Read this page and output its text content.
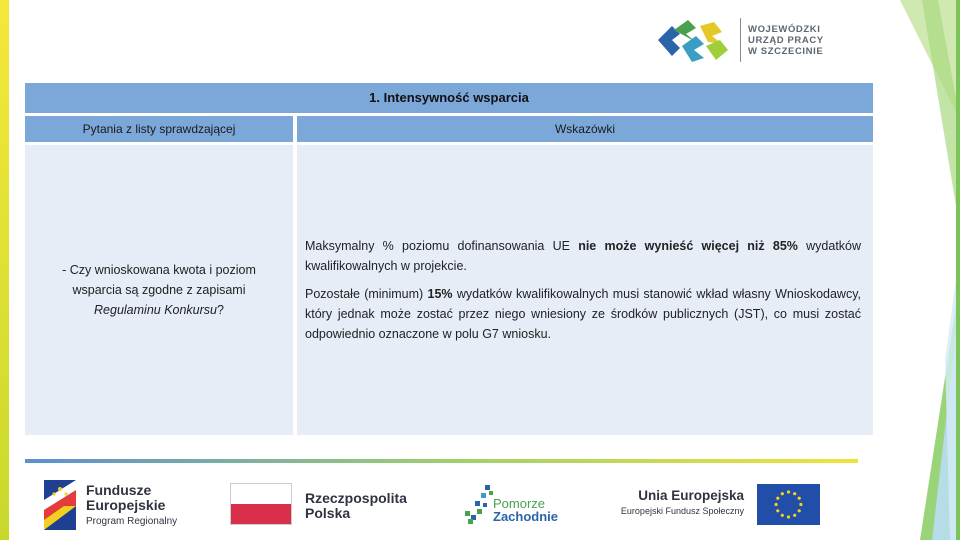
WOJEWÓDZKI
URZĄD PRACY
W SZCZECINIE
1. Intensywność wsparcia
Pytania z listy sprawdzającej	Wskazówki
- Czy wnioskowana kwota i poziom wsparcia są zgodne z zapisami Regulaminu Konkursu?

Maksymalny % poziomu dofinansowania UE nie może wynieść więcej niż 85% wydatków kwalifikowalnych w projekcie.

Pozostałe (minimum) 15% wydatków kwalifikowalnych musi stanowić wkład własny Wnioskodawcy, który jednak może zostać przez niego wniesiony ze środków publicznych (JST), co musi zostać odpowiednio oznaczone w polu G7 wniosku.

Fundusze
Europejskie
Program Regionalny
Rzeczpospolita
Polska
Pomorze
Zachodnie
Unia Europejska
Europejski Fundusz Społeczny
